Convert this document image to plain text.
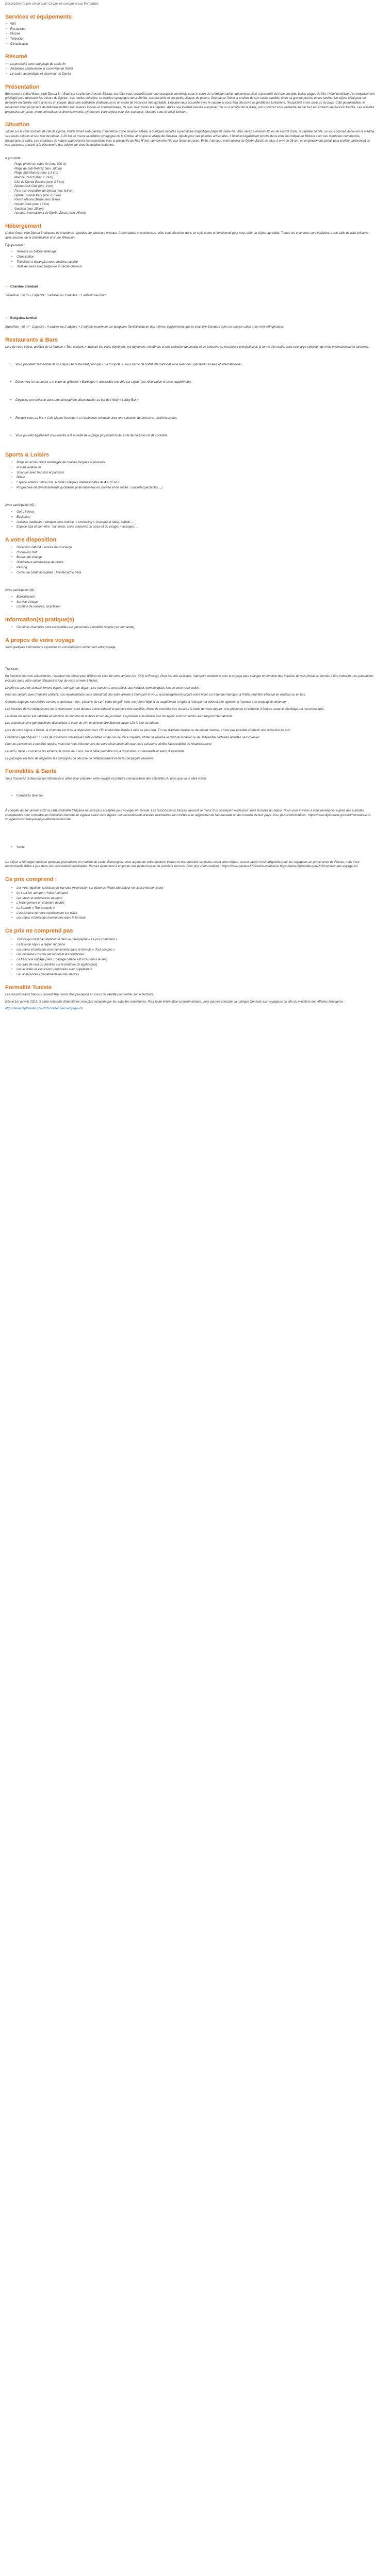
Description Ce prix comprend / Ce prix ne comprend pas Formalités

Services et équipements
• Wifi
• Restaurant
• Piscine
• Télévision
• Climatisation
Résumé
• La proximité avec une plage de sable fin
• Ambiance chaleureuse et conviviale de l'hôtel
• Le cadre authentique et charmeur de Djerba
Présentation

Bienvenue à l'hôtel Smart club Djerba 3* ! Situé sur la côte nord-est de Djerba, cet hôtel vous accueille pour une escapade conviviale sous le soleil de la Méditerranée. Idéalement situé à proximité de l'une des plus belles plages de l'île, l'hôtel bénéficie d'un emplacement privilégié pour découvrir les trésors de Djerba : ses ruelles colorées, sa célèbre synagogue de la Ghriba, ses marchés et ses petits villages de potiers. Découvrez l'hôtel et profitez de son cadre paisible, entre sa grande piscine et ses jardins. Un séjour idéal pour se détendre en famille, entre amis ou en couple, dans une ambiance chaleureuse et un cadre de vacances très agréable. L'équipe vous accueille avec le sourire et vous fera découvrir la gentillesse tunisienne, l'hospitalité et les saveurs du pays. Côté gourmandise, le restaurant vous proposera de délicieux buffets aux saveurs locales et internationales, de quoi ravir toutes les papilles. Après une journée passée à explorer l'île ou à profiter de la plage, vous pourrez vous détendre au bar tout en sirotant une boisson fraîche. Les activités proposées sur place, entre animations et divertissements, rythmeront votre séjour pour des vacances réussies sous le soleil tunisien.

Situation

Située sur la côte nord-est de l'île de Djerba, l'hôtel Smart club Djerba 3* bénéficie d'une situation idéale, à quelques minutes à pied d'une magnifique plage de sable fin. Vous serez à environ 12 km de Houmt Souk, la capitale de l'île, où vous pourrez découvrir la médina, ses souks colorés et son port de pêche. À 20 km se trouve la célèbre synagogue de la Ghriba, ainsi que le village de Guellala, réputé pour ses poteries artisanales. L'hôtel est également proche de la zone touristique de Midoun avec ses nombreux commerces, restaurants et cafés. Les amateurs de nature apprécieront les excursions vers la presqu'île de Ras R'mel, surnommée l'île aux flamants roses. Enfin, l'aéroport international de Djerba-Zarzis se situe à environ 25 km, un emplacement parfait pour profiter pleinement de vos vacances et partir à la découverte des trésors de cette île méditerranéenne.

A proximité :
• Plage privée de sable fin (env. 300 m)
• Plage de Sidi Mehrez (env. 500 m)
• Plage Sidi Mahrez (env. 1,5 km)
• Marché Ranch (env. 1,3 km)
• Cité de Djerba Explore (env. 3,5 km)
• Djerba Golf Club (env. 4 km)
• Parc aux crocodiles de Djerba (env. 6,6 km)
• Djerba Explore Park (env. 6,7 km)
• Ranch Marina Djerba (env. 8 km)
• Houmt Souk (env. 13 km)
• Guellala (env. 25 km)
• Aéroport international de Djerba-Zarzis (env. 25 km)
Hébergement

L'hôtel Smart club Djerba 3* dispose de chambres réparties sur plusieurs niveaux. Confortables et lumineuses, elles sont décorées dans un style sobre et fonctionnel pour vous offrir un séjour agréable. Toutes les chambres sont équipées d'une salle de bain privative avec douche, de la climatisation et d'une télévision.

Équipements :
• Terrasse ou balcon aménagé
• Climatisation
• Télévision à écran plat avec chaînes satellite
• Salle de bains avec baignoire et sèche-cheveux
• Chambre Standard
Superficie : 20 m² - Capacité : 3 adultes ou 2 adultes + 1 enfant maximum
• Bungalow familial
Superficie : 40 m² - Capacité : 4 adultes ou 2 adultes + 2 enfants maximum. Le bungalow familial dispose des mêmes équipements que la chambre Standard avec un espace salon et un mini-réfrigérateur.
Restaurants & Bars

Lors de votre séjour, profitez de la formule « Tout compris » incluant les petits déjeuners, les déjeuners, les dîners et une sélection de snacks et de boissons au restaurant principal sous la forme d'un buffet avec une large sélection de mets internationaux et tunisiens.

• Vous prendrez l'ensemble de vos repas au restaurant principal « La Coupole », sous forme de buffet international varié avec des spécialités locales et internationales.
• Découvrez le restaurant à la carte de grillades « Barbeque » accessible une fois par séjour (sur réservation et avec supplément).
• Dégustez une boisson dans une atmosphère décontractée au bar de l'hôtel « Lobby Bar ».
• Rendez-vous au bar « Café Maure Yasmine » et l'ambiance orientale avec une sélection de boissons rafraîchissantes.
• Vous pourrez également vous rendre à la buvette de la plage proposant toute sorte de boissons et de cocktails.
Sports & Loisirs
• Plage en accès direct aménagée de chaises longues et parasols
• Piscine extérieure
• Solarium avec transats et parasols
• Billard
• Espace enfants : mini-club, activités ludiques internationales de 4 à 12 ans....
• Programme de divertissements quotidiens (internationaux en journée et en soirée : concerts/spectacles ...)
Avec participation (€) :
• Golf 18 trous
• Équitation
• Activités nautiques : plongée sous-marine, « snorkeling » (masque et tuba), pédalo, ...
• Espace Spa et bien-être : hammam, soins corporels du corps et du visage, massages, ...
A votre disposition
• Réception 24h/24 - service de concierge
• Connexion Wifi
• Bureau de change
• Distributeur automatique de billets
• Parking
• Cartes de crédit acceptées : Mastercard & Visa
Avec participation (€) :
• Blanchisserie
• Service d'étage
• Location de voitures, bicyclettes
Information(s) pratique(s)
• Certaines chambres sont accessibles aux personnes à mobilité réduite (sur demande).
A propos de votre voyage

Voici quelques informations à prendre en considération concernant votre voyage.

Transport

En fonction des vols sélectionnés, l'aéroport de départ peut différer de celui de votre arrivée (ex : Orly et Roissy). Pour les vols spéciaux, l'aéroport mentionné pour le voyage peut changer en fonction des horaires de vols (horaires donnés à titre indicatif). Les prestations incluses dans votre séjour débutent le jour de votre arrivée à l'hôtel.

Le prix est pour un acheminement depuis l'aéroport de départ. Les transferts sont prévus aux horaires communiqués lors de votre réservation.

Pour les séjours avec transfert collectif, nos représentants vous attendront dès votre arrivée à l'aéroport et vous accompagneront jusqu'à votre hôtel. Le trajet de l'aéroport à l'hôtel peut être effectué en minibus ou en bus.

Certains bagages considérés comme « spéciaux » (ex : planche de surf, clubs de golf, vélo, etc.) font l'objet d'un supplément à régler à l'aéroport et doivent être signalés à l'avance à la compagnie aérienne.

Les horaires de vol indiqués lors de la réservation sont donnés à titre indicatif et peuvent être modifiés. Merci de contrôler vos horaires la veille de votre départ. Une présence à l'aéroport 2 heures avant le décollage est recommandée.

La durée du séjour est calculée en fonction du nombre de nuitées et non de journées. Le premier et le dernier jour du séjour sont consacrés au transport international.

Les chambres sont généralement disponibles à partir de 14h et doivent être libérées avant 12h le jour du départ.

Lors de votre séjour à l'hôtel, la chambre est mise à disposition vers 15h et doit être libérée à midi au plus tard. En cas d'arrivée tardive ou de départ matinal, il n'est pas possible d'obtenir une réduction de prix.

Conditions spécifiques : En cas de conditions climatiques défavorables ou de cas de force majeure, l'hôtel se réserve le droit de modifier ou de suspendre certaines activités sans préavis.

Pour les personnes à mobilité réduite, merci de nous informer lors de votre réservation afin que nous puissions vérifier l'accessibilité de l'établissement.

Le tarif « bébé » concerne les enfants de moins de 2 ans. Un lit bébé peut être mis à disposition sur demande et selon disponibilité.

Le passager est tenu de respecter les consignes de sécurité de l'établissement et de la compagnie aérienne.

Formalités & Santé

Vous trouverez ci-dessous les informations utiles pour préparer votre voyage et prendre connaissance des actualités du pays que vous allez visiter.

• Formalités diverses

À compter du 1er janvier 2021 la carte d'identité française ne sera plus acceptée pour voyager en Tunisie. Les ressortissants français devront se munir d'un passeport valide pour toute la durée du séjour. Nous vous invitons à vous renseigner auprès des autorités compétentes pour connaître les formalités d'entrée en vigueur avant votre départ. Les ressortissants d'autres nationalités sont invités à se rapprocher de l'ambassade ou du consulat de leur pays. Pour plus d'informations : https://www.diplomatie.gouv.fr/fr/conseils-aux-voyageurs/conseils-par-pays-destination/tunisie/

• Santé

Un séjour à l'étranger implique quelques précautions en matière de santé. Renseignez-vous auprès de votre médecin traitant et des autorités sanitaires avant votre départ. Aucun vaccin n'est obligatoire pour les voyageurs en provenance de France, mais il est recommandé d'être à jour dans ses vaccinations habituelles. Pensez également à emporter une petite trousse de premiers secours. Pour plus d'informations : https://www.pasteur.fr/fr/centre-medical et https://www.diplomatie.gouv.fr/fr/conseils-aux-voyageurs/

Ce prix comprend :
• Les vols réguliers, spéciaux ou low-cost (réservation sur place de l'hôtel aller/retour en classe économique)
• Le transfert aéroport / hôtel / aéroport
• Les taxes et redevances aéroport
• L'hébergement en chambre double
• La formule « Tout compris »
• L'assistance de notre représentant sur place
• Les repas et boissons mentionnés dans la formule
Ce prix ne comprend pas
• Tout ce qui n'est pas mentionné dans le paragraphe « Le prix comprend »
• La taxe de séjour à régler sur place
• Les repas et boissons non mentionnés dans la formule « Tout compris »
• Les dépenses d'ordre personnel et les pourboires
• La franchise bagage (seul 1 bagage cabine est inclus dans le tarif)
• Les frais de visa ou d'entrée sur le territoire (si applicables)
• Les activités et excursions proposées avec supplément
• Les assurances complémentaires facultatives
Formalité Tunisie

Les ressortissants français doivent être munis d'un passeport en cours de validité pour entrer sur le territoire.

Dès le 1er janvier 2021, la carte nationale d'identité ne sera plus acceptée par les autorités tunisiennes. Pour toute information complémentaire, vous pouvez consulter la rubrique Conseils aux voyageurs du site du ministère des Affaires étrangères :

https://www.diplomatie.gouv.fr/fr/conseils-aux-voyageurs/
